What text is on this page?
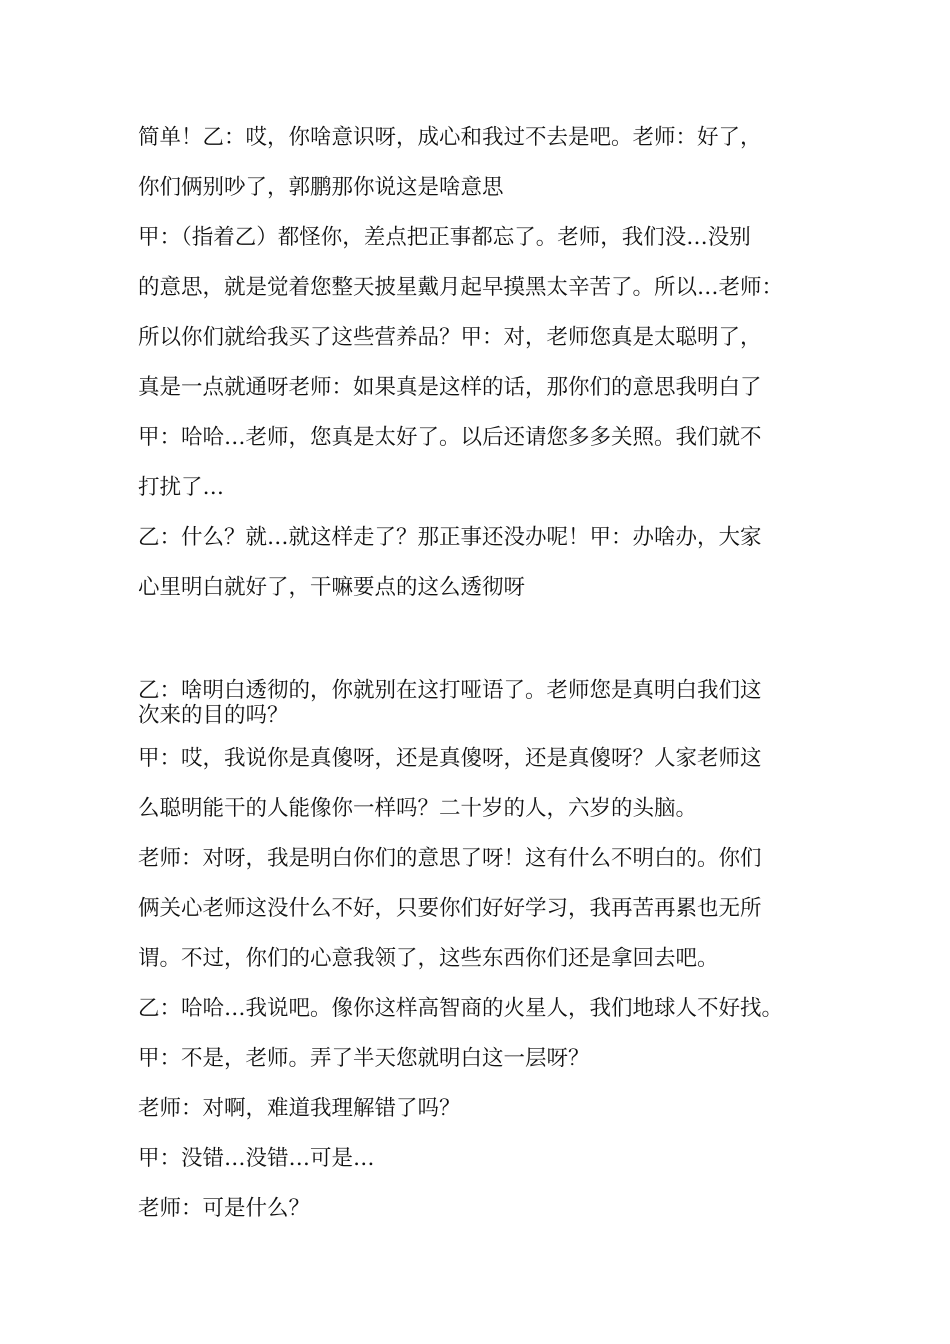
简单！乙：哎，你啥意识呀，成心和我过不去是吧。老师：好了，

你们俩别吵了，郭鹏那你说这是啥意思

甲：（指着乙）都怪你，差点把正事都忘了。老师，我们没…没别

的意思，就是觉着您整天披星戴月起早摸黑太辛苦了。所以…老师：

所以你们就给我买了这些营养品？甲：对，老师您真是太聪明了，

真是一点就通呀老师：如果真是这样的话，那你们的意思我明白了

甲：哈哈…老师，您真是太好了。以后还请您多多关照。我们就不

打扰了…

乙：什么？就…就这样走了？那正事还没办呢！甲：办啥办，大家

心里明白就好了，干嘛要点的这么透彻呀

乙：啥明白透彻的，你就别在这打哑语了。老师您是真明白我们这

次来的目的吗？

甲：哎，我说你是真傻呀，还是真傻呀，还是真傻呀？人家老师这

么聪明能干的人能像你一样吗？二十岁的人，六岁的头脑。

老师：对呀，我是明白你们的意思了呀！这有什么不明白的。你们

俩关心老师这没什么不好，只要你们好好学习，我再苦再累也无所

谓。不过，你们的心意我领了，这些东西你们还是拿回去吧。

乙：哈哈…我说吧。像你这样高智商的火星人，我们地球人不好找。

甲：不是，老师。弄了半天您就明白这一层呀？

老师：对啊，难道我理解错了吗？

甲：没错…没错…可是…

老师：可是什么？
